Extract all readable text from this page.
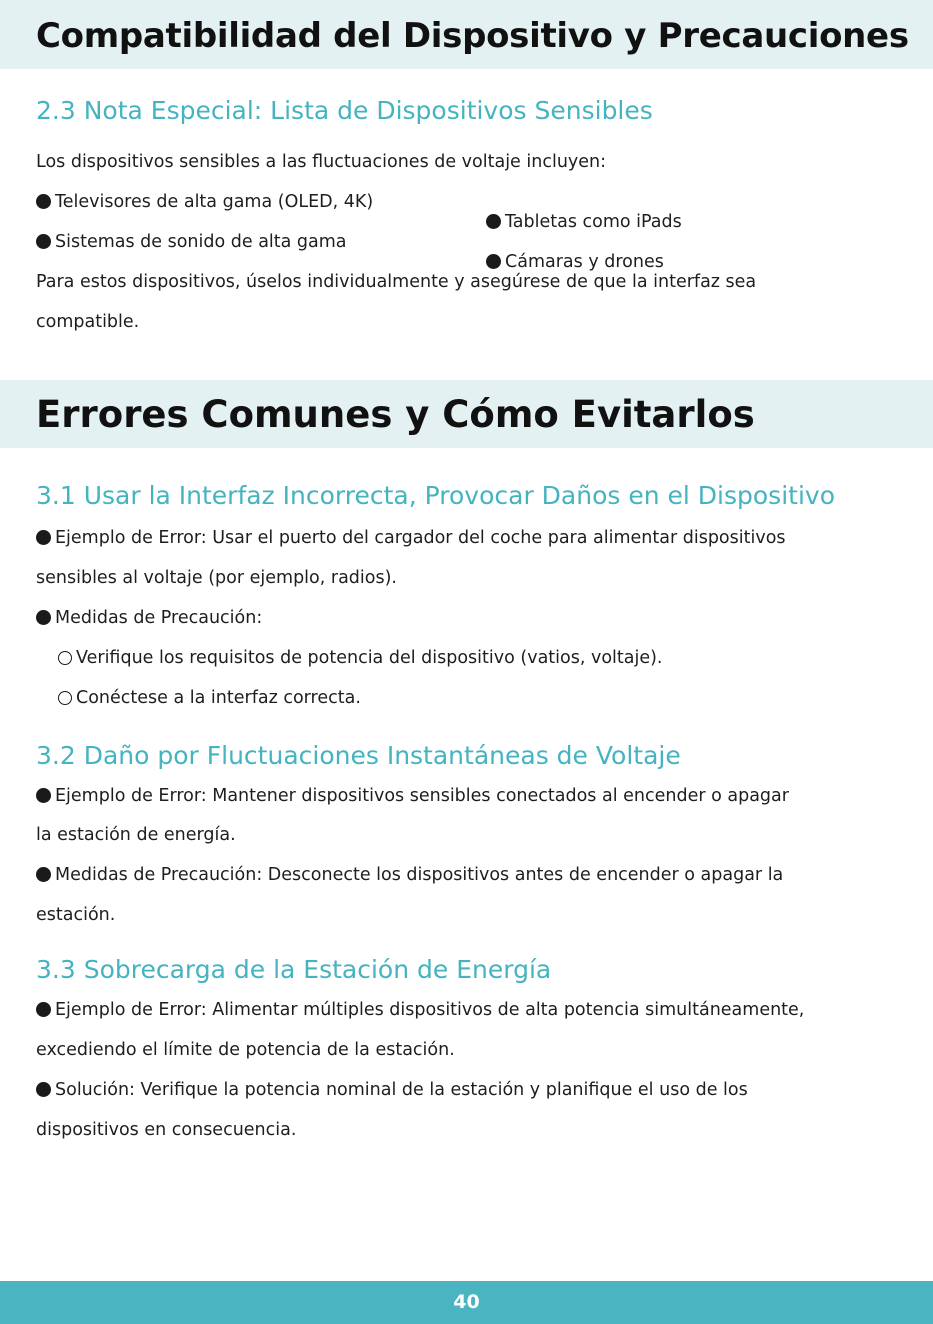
Compatibilidad del Dispositivo y Precauciones
2.3 Nota Especial: Lista de Dispositivos Sensibles

Los dispositivos sensibles a las fluctuaciones de voltaje incluyen:

Televisores de alta gama (OLED, 4K)

Sistemas de sonido de alta gama

Tabletas como iPads

Cámaras y drones

Para estos dispositivos, úselos individualmente y asegúrese de que la interfaz sea

compatible.

Errores Comunes y Cómo Evitarlos
3.1 Usar la Interfaz Incorrecta, Provocar Daños en el Dispositivo

Ejemplo de Error: Usar el puerto del cargador del coche para alimentar dispositivos

sensibles al voltaje (por ejemplo, radios).

Medidas de Precaución:

Verifique los requisitos de potencia del dispositivo (vatios, voltaje).

Conéctese a la interfaz correcta.

3.2 Daño por Fluctuaciones Instantáneas de Voltaje

Ejemplo de Error: Mantener dispositivos sensibles conectados al encender o apagar

la estación de energía.

Medidas de Precaución: Desconecte los dispositivos antes de encender o apagar la

estación.

3.3 Sobrecarga de la Estación de Energía

Ejemplo de Error: Alimentar múltiples dispositivos de alta potencia simultáneamente,

excediendo el límite de potencia de la estación.

Solución: Verifique la potencia nominal de la estación y planifique el uso de los

dispositivos en consecuencia.

40
